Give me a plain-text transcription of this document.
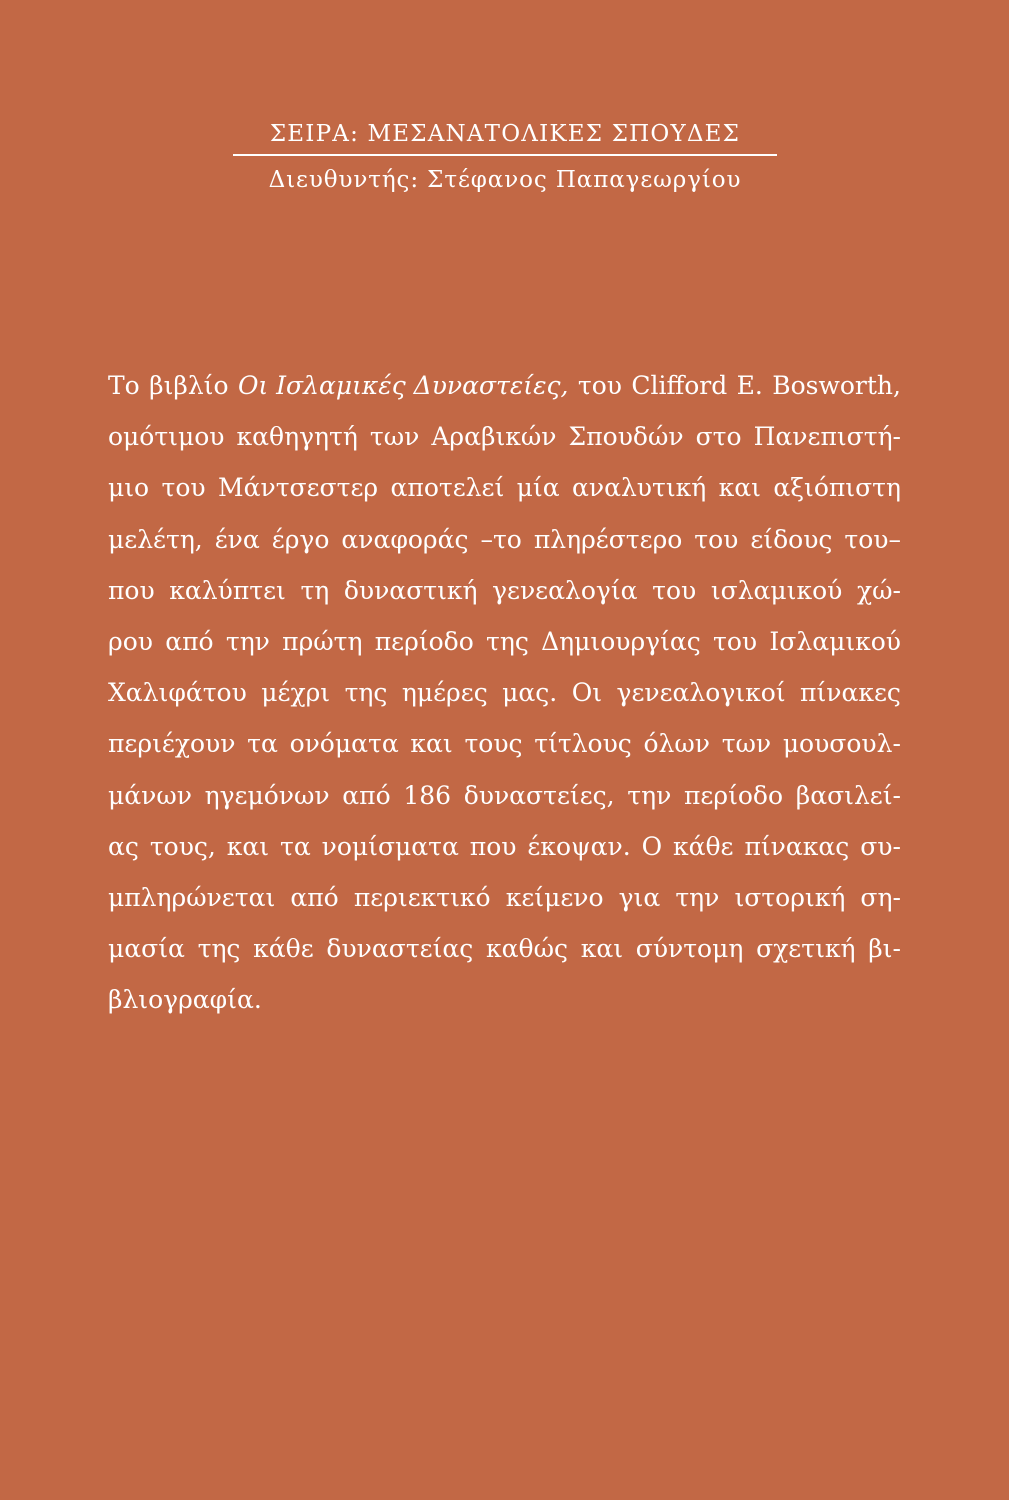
ΣΕΙΡΑ: ΜΕΣΑΝΑΤΟΛΙΚΕΣ ΣΠΟΥΔΕΣ
Διευθυντής: Στέφανος Παπαγεωργίου
Το βιβλίο Οι Ισλαμικές Δυναστείες, του Clifford E. Bosworth,
ομότιμου καθηγητή των Αραβικών Σπουδών στο Πανεπιστή-
μιο του Μάντσεστερ αποτελεί μία αναλυτική και αξιόπιστη
μελέτη, ένα έργο αναφοράς –το πληρέστερο του είδους του–
που καλύπτει τη δυναστική γενεαλογία του ισλαμικού χώ-
ρου από την πρώτη περίοδο της Δημιουργίας του Ισλαμικού
Χαλιφάτου μέχρι της ημέρες μας. Οι γενεαλογικοί πίνακες
περιέχουν τα ονόματα και τους τίτλους όλων των μουσουλ-
μάνων ηγεμόνων από 186 δυναστείες, την περίοδο βασιλεί-
ας τους, και τα νομίσματα που έκοψαν. Ο κάθε πίνακας συ-
μπληρώνεται από περιεκτικό κείμενο για την ιστορική ση-
μασία της κάθε δυναστείας καθώς και σύντομη σχετική βι-
βλιογραφία.
